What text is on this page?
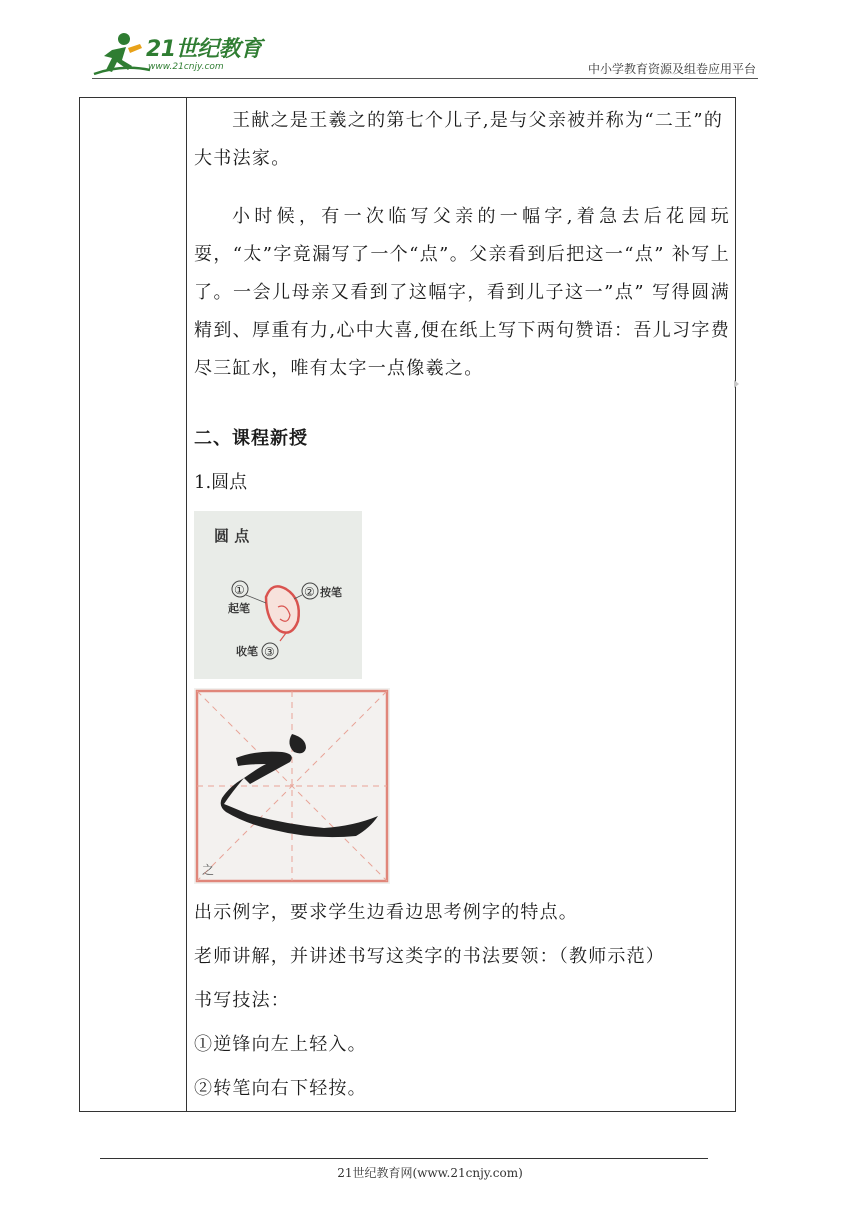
21世纪教育
www.21cnjy.com	中小学教育资源及组卷应用平台

王献之是王羲之的第七个儿子,是与父亲被并称为“二王”的大书法家。

小时候，有一次临写父亲的一幅字,着急去后花园玩耍，“太”字竟漏写了一个“点”。父亲看到后把这一“点” 补写上了。一会儿母亲又看到了这幅字，看到儿子这一”点” 写得圆满精到、厚重有力,心中大喜,便在纸上写下两句赞语：吾儿习字费尽三缸水，唯有太字一点像羲之。

二、课程新授
1.圆点
圆 点
①
起笔
② 按笔
③
收笔
之
出示例字，要求学生边看边思考例字的特点。
老师讲解，并讲述书写这类字的书法要领：（教师示范）
书写技法：
①逆锋向左上轻入。
②转笔向右下轻按。
21世纪教育网(www.21cnjy.com)
